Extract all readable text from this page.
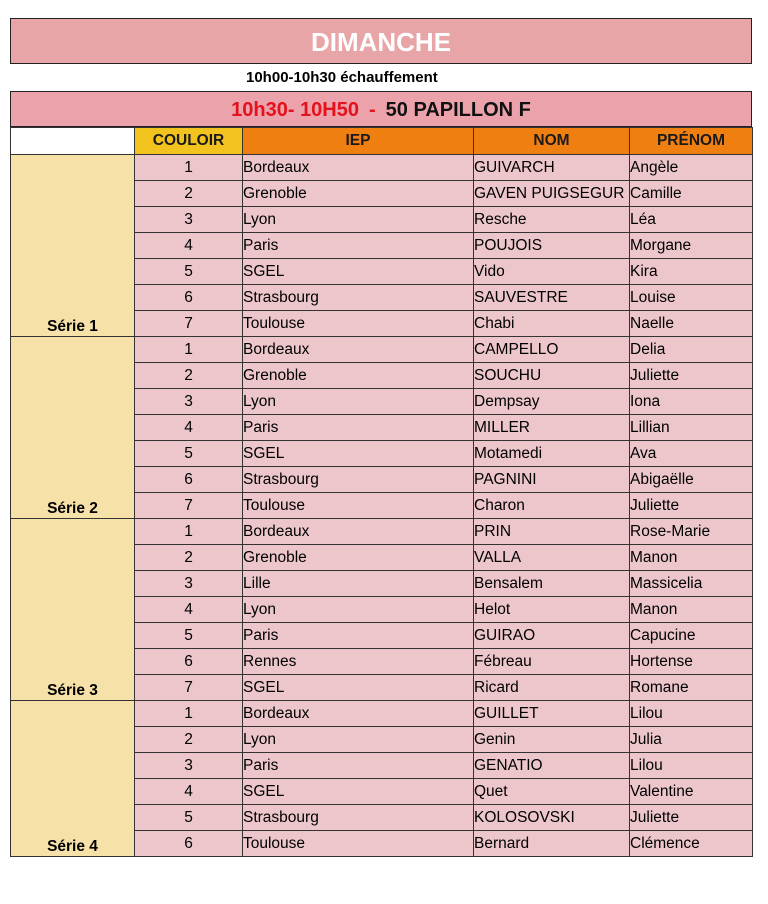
DIMANCHE
10h00-10h30 échauffement
10h30- 10H50 - 50 PAPILLON F
	COULOIR	IEP	NOM	PRÉNOM
Série 1	1	Bordeaux	GUIVARCH	Angèle
	2	Grenoble	GAVEN PUIGSEGUR	Camille
	3	Lyon	Resche	Léa
	4	Paris	POUJOIS	Morgane
	5	SGEL	Vido	Kira
	6	Strasbourg	SAUVESTRE	Louise
	7	Toulouse	Chabi	Naelle
Série 2	1	Bordeaux	CAMPELLO	Delia
	2	Grenoble	SOUCHU	Juliette
	3	Lyon	Dempsay	Iona
	4	Paris	MILLER	Lillian
	5	SGEL	Motamedi	Ava
	6	Strasbourg	PAGNINI	Abigaëlle
	7	Toulouse	Charon	Juliette
Série 3	1	Bordeaux	PRIN	Rose-Marie
	2	Grenoble	VALLA	Manon
	3	Lille	Bensalem	Massicelia
	4	Lyon	Helot	Manon
	5	Paris	GUIRAO	Capucine
	6	Rennes	Fébreau	Hortense
	7	SGEL	Ricard	Romane
Série 4	1	Bordeaux	GUILLET	Lilou
	2	Lyon	Genin	Julia
	3	Paris	GENATIO	Lilou
	4	SGEL	Quet	Valentine
	5	Strasbourg	KOLOSOVSKI	Juliette
	6	Toulouse	Bernard	Clémence
